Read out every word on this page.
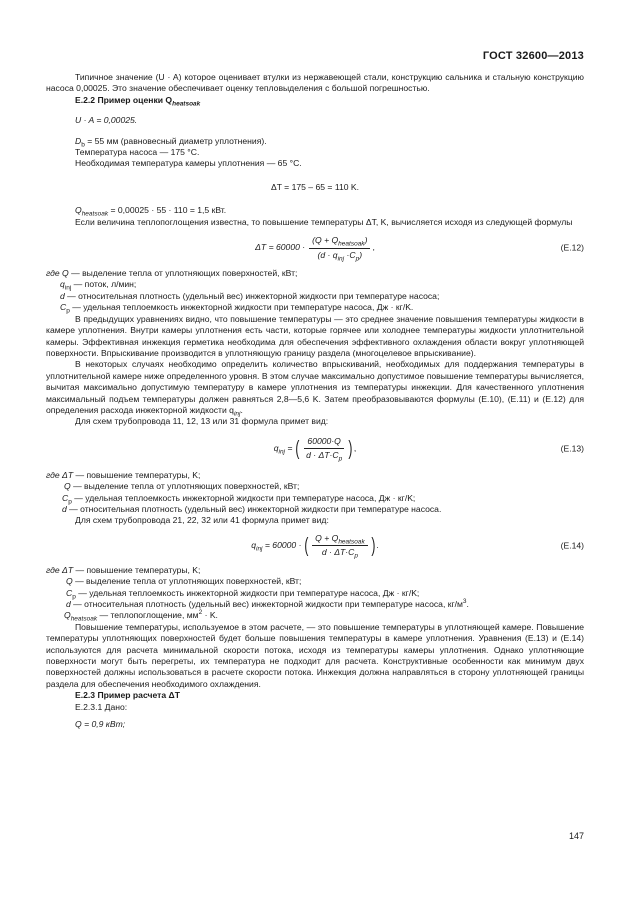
ГОСТ 32600—2013

Типичное значение (U · A) которое оценивает втулки из нержавеющей стали, конструкцию сальника и стальную конструкцию насоса 0,00025. Это значение обеспечивает оценку тепловыделения с большой погрешностью.

Е.2.2 Пример оценки $Q_{heatsoak}$

U · A = 0,00025.

$D_b = 55$ мм (равновесный диаметр уплотнения).

Температура насоса — 175 °C.

Необходимая температура камеры уплотнения — 65 °C.

ΔT = 175 – 65 = 110 K.

$Q_{heatsoak} = 0,00025 \cdot 55 \cdot 110 = 1,5$ кВт.

Если величина теплопоглощения известна, то повышение температуры ΔT, K, вычисляется исходя из следующей формулы

$\Delta T = 60000 \cdot \frac{(Q + Q_{heatsoak})}{(d \cdot q_{inj} \cdot C_p)}$ ,	(Е.12)

где Q — выделение тепла от уплотняющих поверхностей, кВт;

$q_{inj}$ — поток, л/мин;

d — относительная плотность (удельный вес) инжекторной жидкости при температуре насоса;

$C_p$ — удельная теплоемкость инжекторной жидкости при температуре насоса, Дж · кг/K.

В предыдущих уравнениях видно, что повышение температуры — это среднее значение повышения температуры жидкости в камере уплотнения. Внутри камеры уплотнения есть части, которые горячее или холоднее температуры жидкости уплотнительной камеры. Эффективная инжекция герметика необходима для обеспечения эффективного охлаждения области вокруг уплотняющей поверхности. Впрыскивание производится в уплотняющую границу раздела (многоцелевое впрыскивание).

В некоторых случаях необходимо определить количество впрыскиваний, необходимых для поддержания температуры в уплотнительной камере ниже определенного уровня. В этом случае максимально допустимое повышение температуры вычисляется, вычитая максимально допустимую температуру в камере уплотнения из температуры инжекции. Для качественного уплотнения максимальный подъем температуры должен равняться 2,8—5,6 K. Затем преобразовываются формулы (Е.10), (Е.11) и (Е.12) для определения расхода инжекторной жидкости $q_{inj}$.

Для схем трубопровода 11, 12, 13 или 31 формула примет вид:

$q_{inj}$ = ( $\frac{60000\cdot Q}{d \cdot \Delta T\cdot C_p}$ ) ,	(Е.13)

где ΔT — повышение температуры, K;

Q — выделение тепла от уплотняющих поверхностей, кВт;

$C_p$ — удельная теплоемкость инжекторной жидкости при температуре насоса, Дж · кг/K;

d — относительная плотность (удельный вес) инжекторной жидкости при температуре насоса.

Для схем трубопровода 21, 22, 32 или 41 формула примет вид:

$q_{inj} = 60000$ · ( $\frac{Q + Q_{heatsoak}}{d \cdot \Delta T\cdot C_p}$ ) .	(Е.14)

где ΔT — повышение температуры, K;

Q — выделение тепла от уплотняющих поверхностей, кВт;

$C_p$ — удельная теплоемкость инжекторной жидкости при температуре насоса, Дж · кг/K;

d — относительная плотность (удельный вес) инжекторной жидкости при температуре насоса, $кг/м^3$.

$Q_{heatsoak}$ — теплопоглощение, $мм^2 \cdot K$.

Повышение температуры, используемое в этом расчете, — это повышение температуры в уплотняющей камере. Повышение температуры уплотняющих поверхностей будет больше повышения температуры в камере уплотнения. Уравнения (Е.13) и (Е.14) используются для расчета минимальной скорости потока, исходя из температуры камеры уплотнения. Однако уплотняющие поверхности могут быть перегреты, их температура не подходит для расчета. Конструктивные особенности как минимум двух поверхностей должны использоваться в расчете скорости потока. Инжекция должна направляться в сторону уплотняющей границы раздела для обеспечения необходимого охлаждения.

Е.2.3 Пример расчета ΔT

Е.2.3.1 Дано:

Q = 0,9 кВт;

147
